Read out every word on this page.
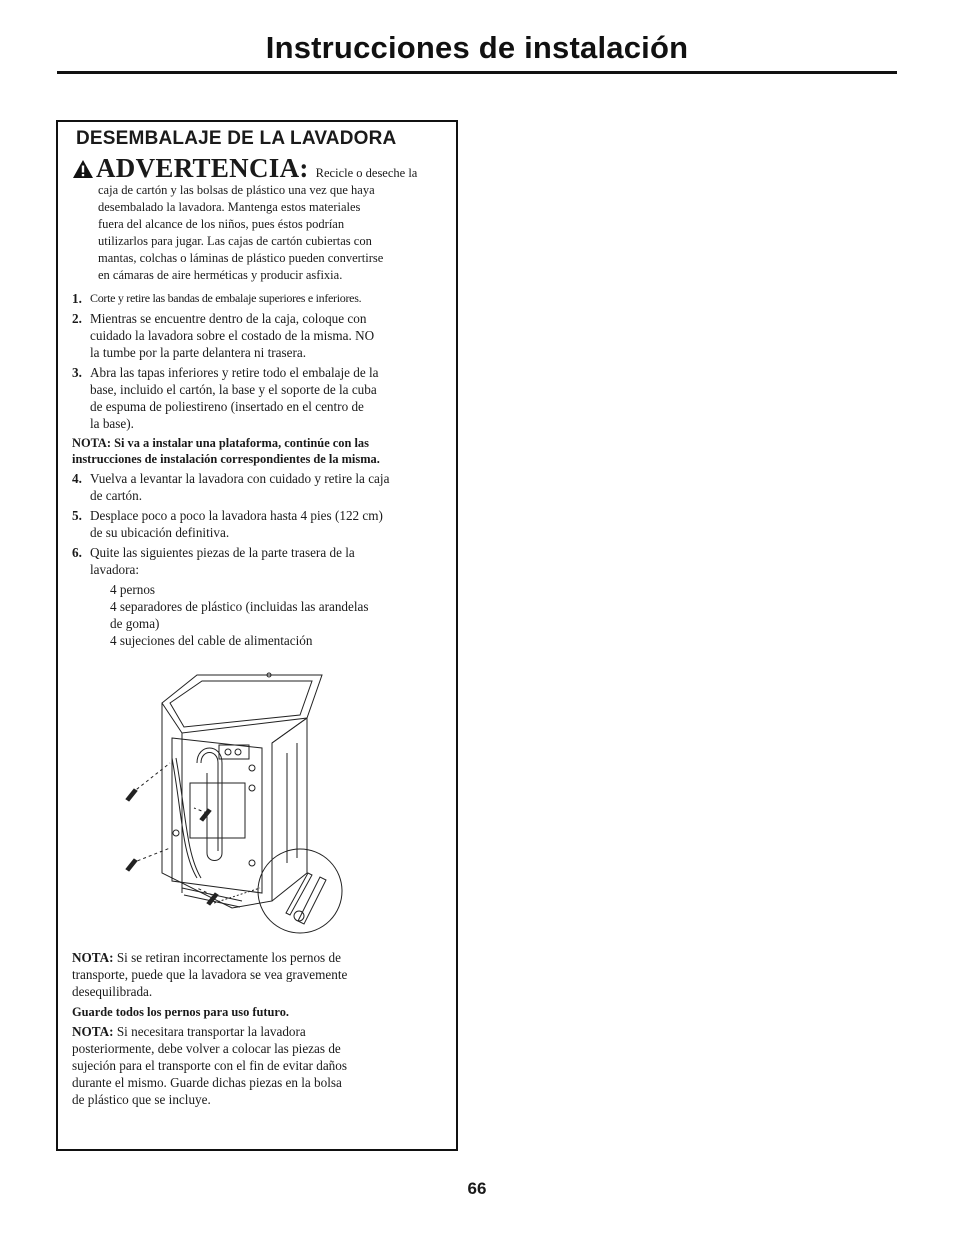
Instrucciones de instalación
DESEMBALAJE DE LA LAVADORA
ADVERTENCIA: Recicle o deseche la
caja de cartón y las bolsas de plástico una vez que haya
desembalado la lavadora. Mantenga estos materiales
fuera del alcance de los niños, pues éstos podrían
utilizarlos para jugar. Las cajas de cartón cubiertas con
mantas, colchas o láminas de plástico pueden convertirse
en cámaras de aire herméticas y producir asfixia.
1. Corte y retire las bandas de embalaje superiores e inferiores.
2. Mientras se encuentre dentro de la caja, coloque con
cuidado la lavadora sobre el costado de la misma. NO
la tumbe por la parte delantera ni trasera.
3. Abra las tapas inferiores y retire todo el embalaje de la
base, incluido el cartón, la base y el soporte de la cuba
de espuma de poliestireno (insertado en el centro de
la base).
NOTA: Si va a instalar una plataforma, continúe con las
instrucciones de instalación correspondientes de la misma.
4. Vuelva a levantar la lavadora con cuidado y retire la caja
de cartón.
5. Desplace poco a poco la lavadora hasta 4 pies (122 cm)
de su ubicación definitiva.
6. Quite las siguientes piezas de la parte trasera de la
lavadora:
4 pernos
4 separadores de plástico (incluidas las arandelas
de goma)
4 sujeciones del cable de alimentación
NOTA: Si se retiran incorrectamente los pernos de
transporte, puede que la lavadora se vea gravemente
desequilibrada.
Guarde todos los pernos para uso futuro.
NOTA: Si necesitara transportar la lavadora
posteriormente, debe volver a colocar las piezas de
sujeción para el transporte con el fin de evitar daños
durante el mismo. Guarde dichas piezas en la bolsa
de plástico que se incluye.
66
